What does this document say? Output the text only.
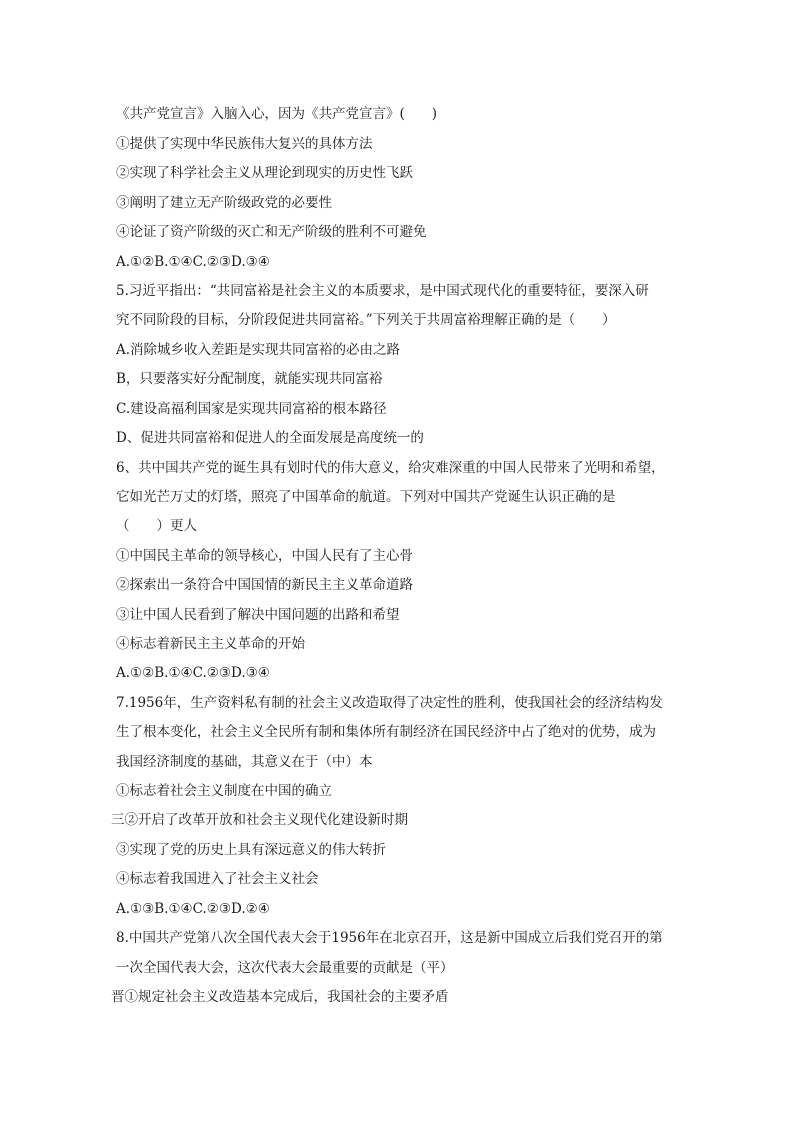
《共产党宣言》入脑入心，因为《共产党宣言》(　　)
①提供了实现中华民族伟大复兴的具体方法
②实现了科学社会主义从理论到现实的历史性飞跃
③阐明了建立无产阶级政党的必要性
④论证了资产阶级的灭亡和无产阶级的胜利不可避免
A.①②B.①④C.②③D.③④
5.习近平指出：“共同富裕是社会主义的本质要求，是中国式现代化的重要特征，要深入研
究不同阶段的目标，分阶段促进共同富裕。”下列关于共周富裕理解正确的是（　　）
A.消除城乡收入差距是实现共同富裕的必由之路
B，只要落实好分配制度，就能实现共同富裕
C.建设高福利国家是实现共同富裕的根本路径
D、促进共同富裕和促进人的全面发展是高度统一的
6、共中国共产党的诞生具有划时代的伟大意义，给灾难深重的中国人民带来了光明和希望，
它如光芒万丈的灯塔，照亮了中国革命的航道。下列对中国共产党诞生认识正确的是
（　　）更人
①中国民主革命的领导核心，中国人民有了主心骨
②探索出一条符合中国国情的新民主主义革命道路
③让中国人民看到了解决中国问题的出路和希望
④标志着新民主主义革命的开始
A.①②B.①④C.②③D.③④
7.1956年，生产资料私有制的社会主义改造取得了决定性的胜利，使我国社会的经济结构发
生了根本变化，社会主义全民所有制和集体所有制经济在国民经济中占了绝对的优势，成为
我国经济制度的基础，其意义在于（中）本
①标志着社会主义制度在中国的确立
三②开启了改革开放和社会主义现代化建设新时期
③实现了党的历史上具有深远意义的伟大转折
④标志着我国进入了社会主义社会
A.①③B.①④C.②③D.②④
8.中国共产党第八次全国代表大会于1956年在北京召开，这是新中国成立后我们党召开的第
一次全国代表大会，这次代表大会最重要的贡献是（平）
晋①规定社会主义改造基本完成后，我国社会的主要矛盾
